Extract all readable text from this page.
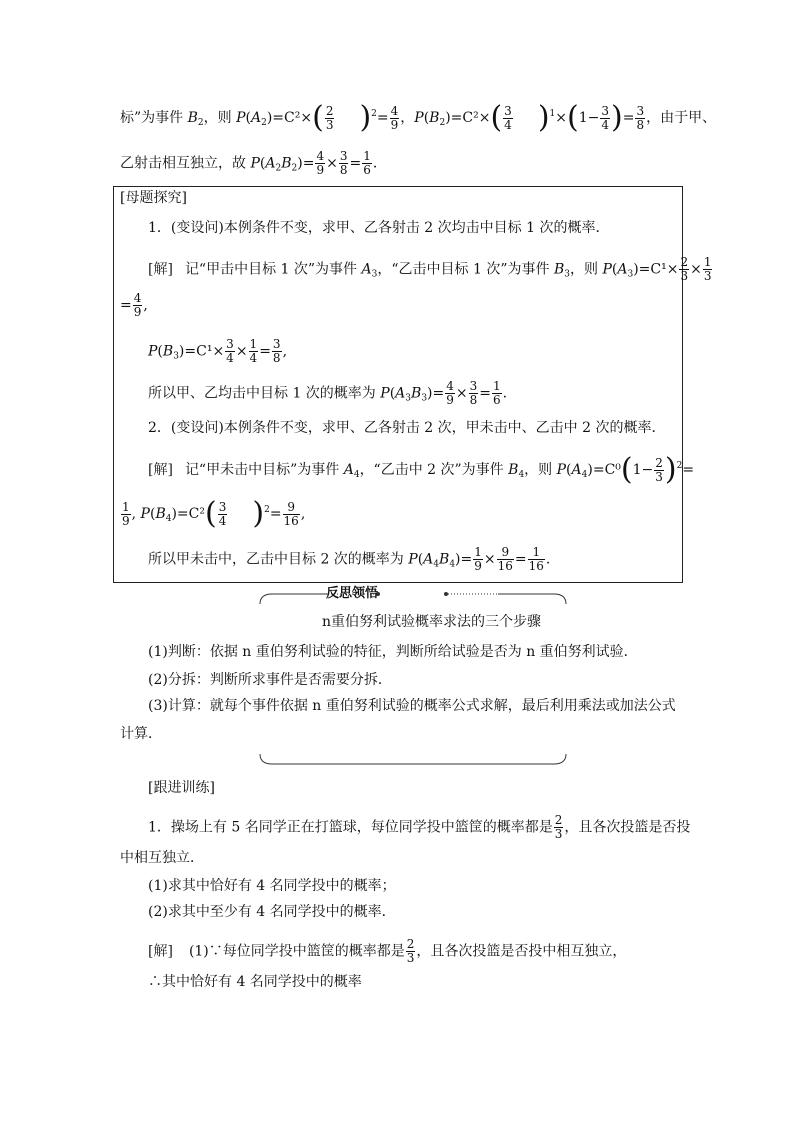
标”为事件 $B_2$，则 $P(A_2)=C^2\times( \frac{2}{3} )^2= \frac{4}{9}$ ，$P(B_2)=C^2\times( \frac{3}{4} )^1\times(1- \frac{3}{4}$ )= $\frac{3}{8}$ ，由于甲、
乙射击相互独立，故 $P(A_2B_2)= \frac{4}{9} \times \frac{3}{8} = \frac{1}{6}$ ．
[母题探究]
1．(变设问)本例条件不变，求甲、乙各射击 2 次均击中目标 1 次的概率．
[解] 记“甲击中目标 1 次”为事件 $A_3$，“乙击中目标 1 次”为事件 $B_3$，则 $P(A_3)=C^1\times \frac{2}{3} \times \frac{1}{3}$
= $\frac{4}{9}$ ,
$P(B_3)=C^1\times \frac{3}{4} \times \frac{1}{4} = \frac{3}{8}$ ,
所以甲、乙均击中目标 1 次的概率为 $P(A_3B_3)= \frac{4}{9} \times \frac{3}{8} = \frac{1}{6}$ .
2．(变设问)本例条件不变，求甲、乙各射击 2 次，甲未击中、乙击中 2 次的概率．
[解] 记“甲未击中目标”为事件 $A_4$，“乙击中 2 次”为事件 $B_4$，则 $P(A_4)=C^0(1- \frac{2}{3} )^2=$
$\frac{1}{9}$ , $P(B_4)=C^2( \frac{3}{4} )^2= \frac{9}{16}$ ,
所以甲未击中，乙击中目标 2 次的概率为 $P(A_4B_4)= \frac{1}{9} \times \frac{9}{16} = \frac{1}{16}$ .
反思领悟
n重伯努利试验概率求法的三个步骤
(1)判断：依据 n 重伯努利试验的特征，判断所给试验是否为 n 重伯努利试验．
(2)分拆：判断所求事件是否需要分拆．
(3)计算：就每个事件依据 n 重伯努利试验的概率公式求解，最后利用乘法或加法公式
计算．
[跟进训练]
1．操场上有 5 名同学正在打篮球，每位同学投中篮筐的概率都是 $\frac{2}{3}$ ，且各次投篮是否投
中相互独立．
(1)求其中恰好有 4 名同学投中的概率；
(2)求其中至少有 4 名同学投中的概率．
[解] (1)∵每位同学投中篮筐的概率都是 $\frac{2}{3}$ ，且各次投篮是否投中相互独立，
∴其中恰好有 4 名同学投中的概率
